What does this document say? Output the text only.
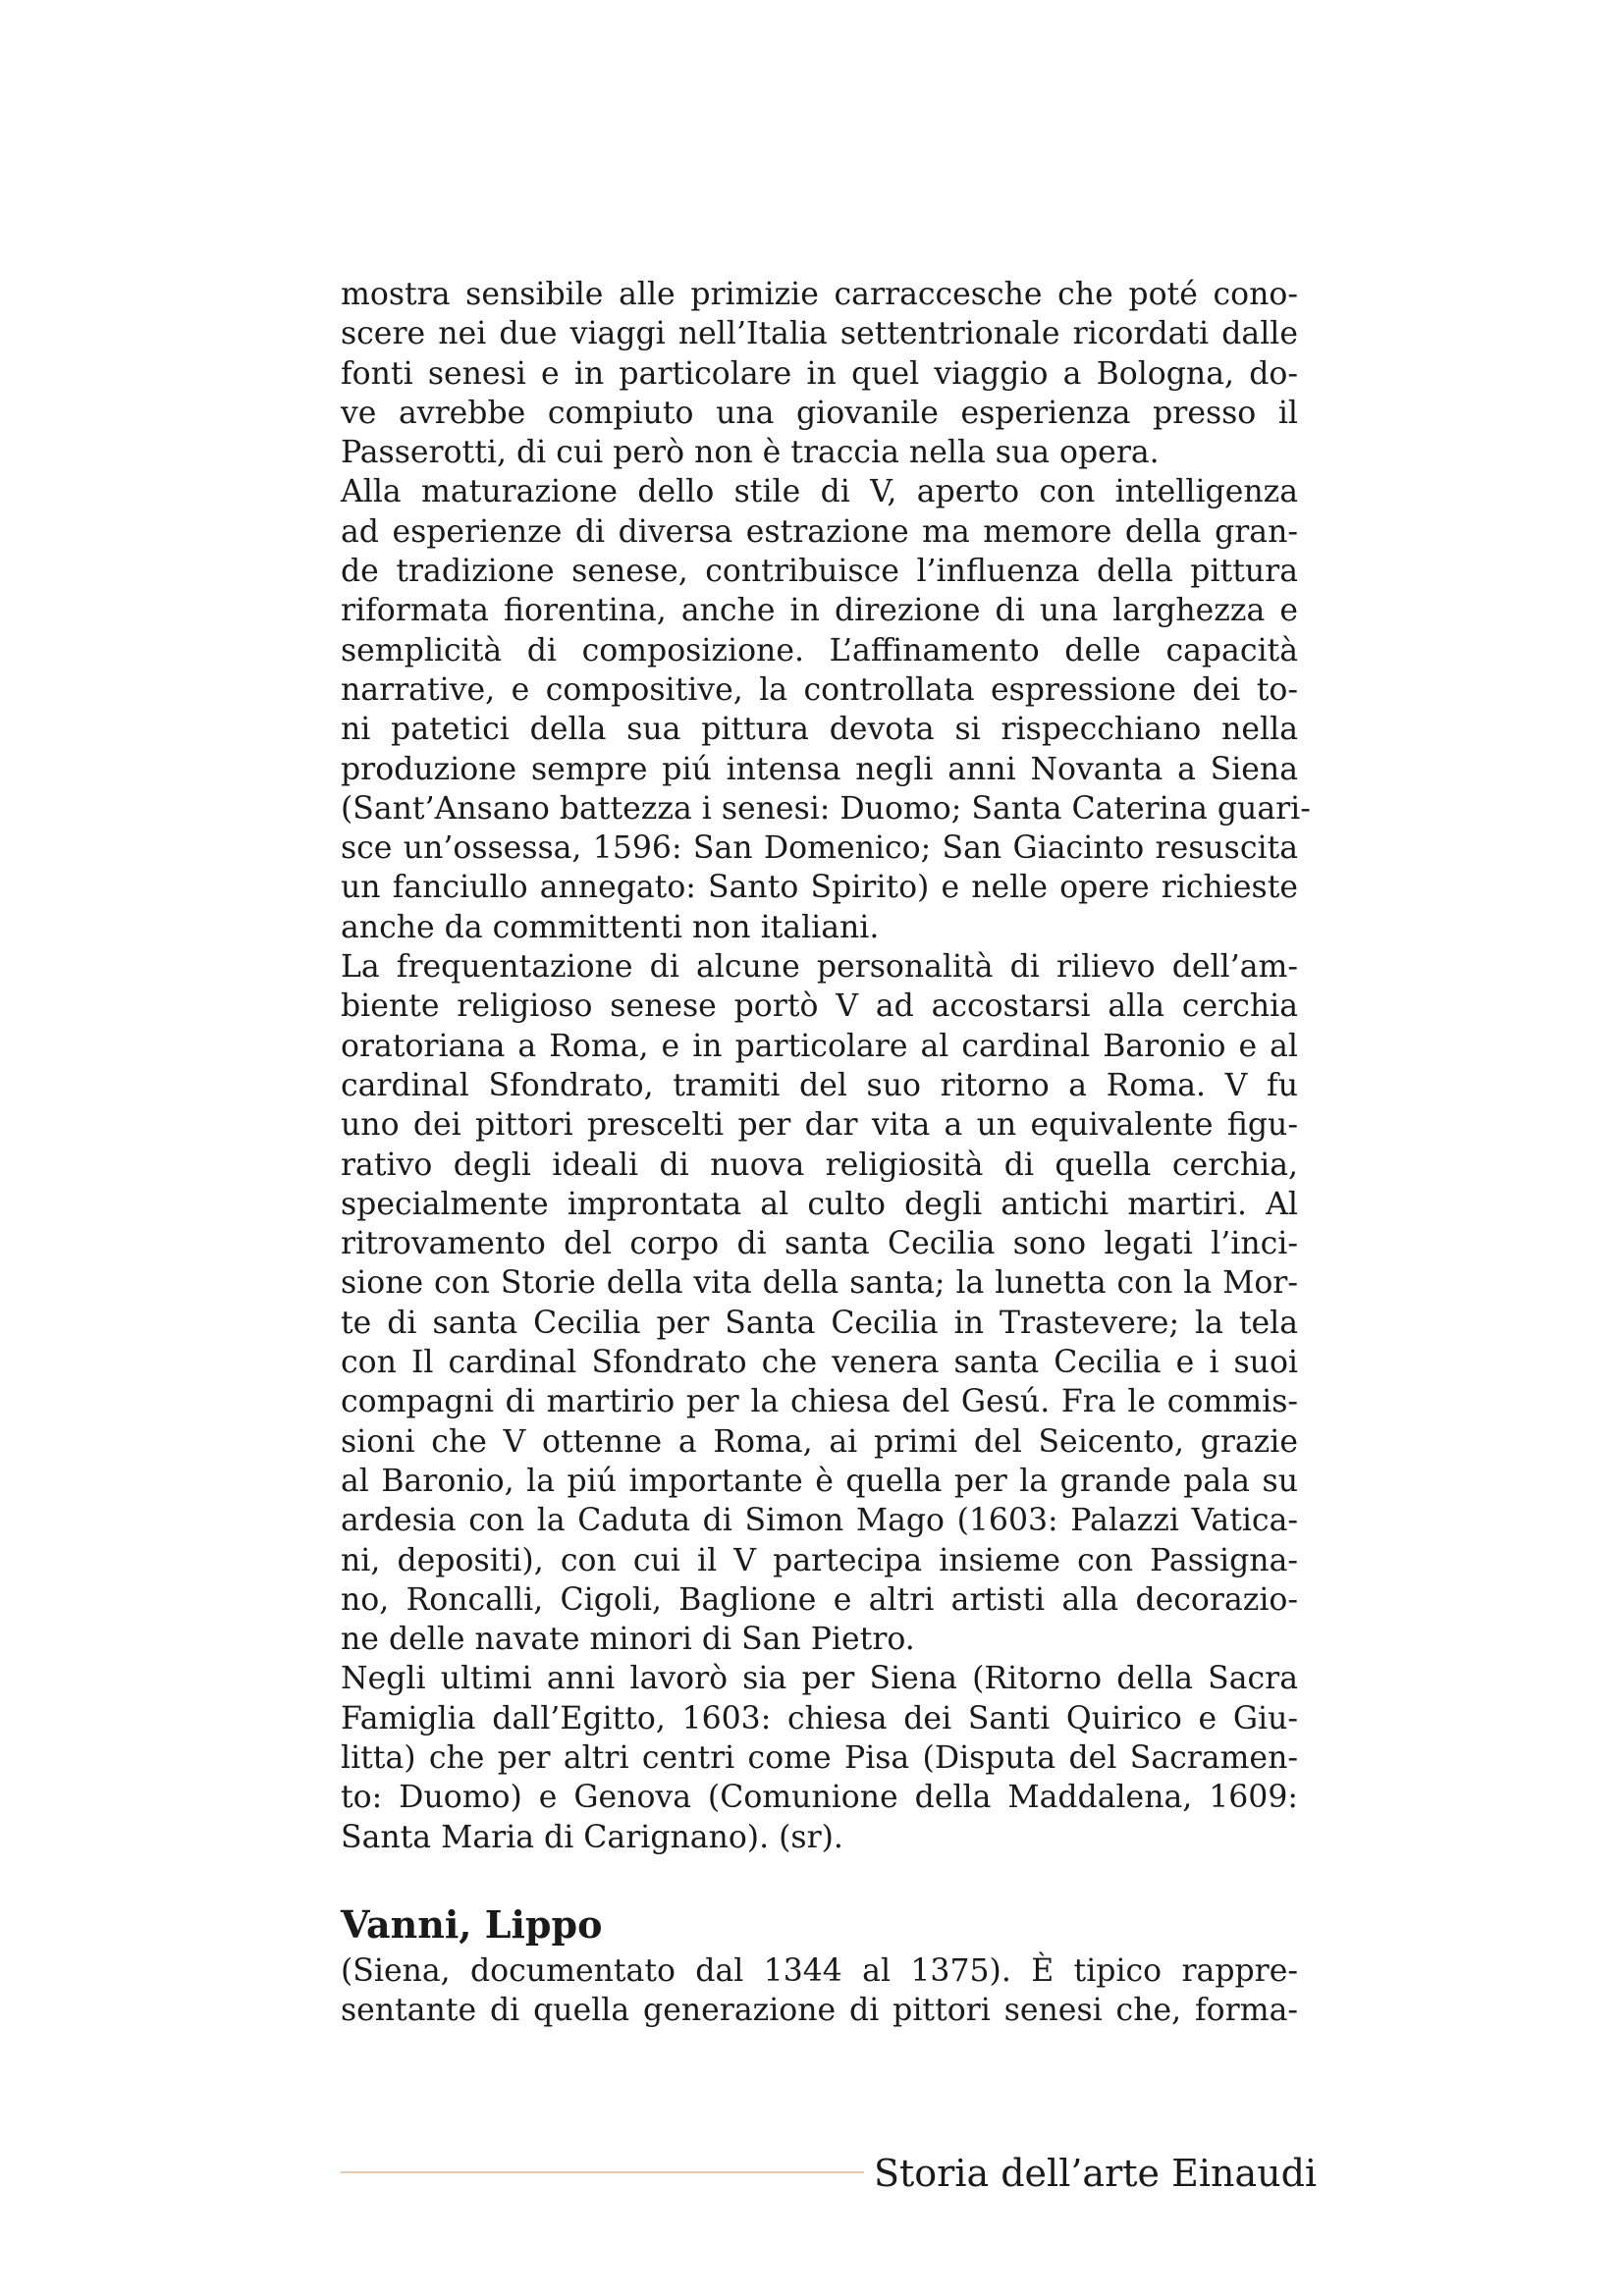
mostra sensibile alle primizie carraccesche che poté cono-
scere nei due viaggi nell’Italia settentrionale ricordati dalle
fonti senesi e in particolare in quel viaggio a Bologna, do-
ve avrebbe compiuto una giovanile esperienza presso il
Passerotti, di cui però non è traccia nella sua opera.
Alla maturazione dello stile di V, aperto con intelligenza
ad esperienze di diversa estrazione ma memore della gran-
de tradizione senese, contribuisce l’influenza della pittura
riformata fiorentina, anche in direzione di una larghezza e
semplicità di composizione. L’affinamento delle capacità
narrative, e compositive, la controllata espressione dei to-
ni patetici della sua pittura devota si rispecchiano nella
produzione sempre piú intensa negli anni Novanta a Siena
(Sant’Ansano battezza i senesi: Duomo; Santa Caterina guari-
sce un’ossessa, 1596: San Domenico; San Giacinto resuscita
un fanciullo annegato: Santo Spirito) e nelle opere richieste
anche da committenti non italiani.
La frequentazione di alcune personalità di rilievo dell’am-
biente religioso senese portò V ad accostarsi alla cerchia
oratoriana a Roma, e in particolare al cardinal Baronio e al
cardinal Sfondrato, tramiti del suo ritorno a Roma. V fu
uno dei pittori prescelti per dar vita a un equivalente figu-
rativo degli ideali di nuova religiosità di quella cerchia,
specialmente improntata al culto degli antichi martiri. Al
ritrovamento del corpo di santa Cecilia sono legati l’inci-
sione con Storie della vita della santa; la lunetta con la Mor-
te di santa Cecilia per Santa Cecilia in Trastevere; la tela
con Il cardinal Sfondrato che venera santa Cecilia e i suoi
compagni di martirio per la chiesa del Gesú. Fra le commis-
sioni che V ottenne a Roma, ai primi del Seicento, grazie
al Baronio, la piú importante è quella per la grande pala su
ardesia con la Caduta di Simon Mago (1603: Palazzi Vatica-
ni, depositi), con cui il V partecipa insieme con Passigna-
no, Roncalli, Cigoli, Baglione e altri artisti alla decorazio-
ne delle navate minori di San Pietro.
Negli ultimi anni lavorò sia per Siena (Ritorno della Sacra
Famiglia dall’Egitto, 1603: chiesa dei Santi Quirico e Giu-
litta) che per altri centri come Pisa (Disputa del Sacramen-
to: Duomo) e Genova (Comunione della Maddalena, 1609:
Santa Maria di Carignano). (sr).
Vanni, Lippo
(Siena, documentato dal 1344 al 1375). È tipico rappre-
sentante di quella generazione di pittori senesi che, forma-
Storia dell’arte Einaudi
